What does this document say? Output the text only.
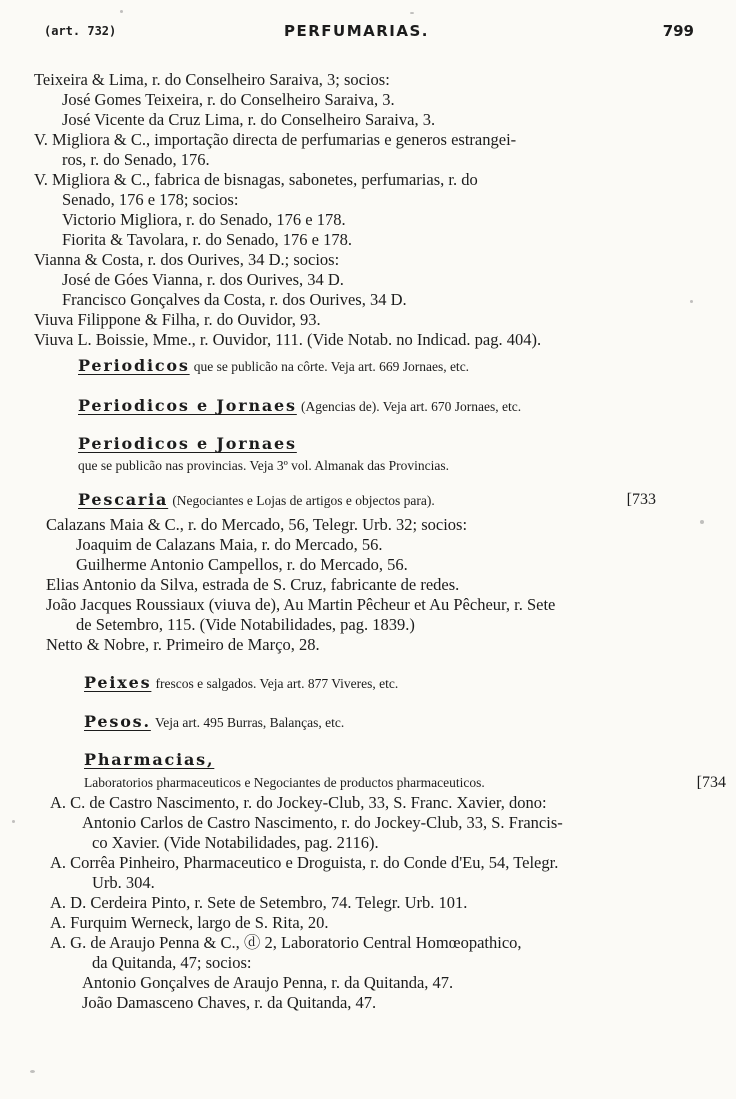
(art. 732)	PERFUMARIAS.	799
Teixeira & Lima, r. do Conselheiro Saraiva, 3; socios:
José Gomes Teixeira, r. do Conselheiro Saraiva, 3.
José Vicente da Cruz Lima, r. do Conselheiro Saraiva, 3.
V. Migliora & C., importação directa de perfumarias e generos estrangei-
ros, r. do Senado, 176.
V. Migliora & C., fabrica de bisnagas, sabonetes, perfumarias, r. do
Senado, 176 e 178; socios:
Victorio Migliora, r. do Senado, 176 e 178.
Fiorita & Tavolara, r. do Senado, 176 e 178.
Vianna & Costa, r. dos Ourives, 34 D.; socios:
José de Góes Vianna, r. dos Ourives, 34 D.
Francisco Gonçalves da Costa, r. dos Ourives, 34 D.
Viuva Filippone & Filha, r. do Ouvidor, 93.
Viuva L. Boissie, Mme., r. Ouvidor, 111. (Vide Notab. no Indicad. pag. 404).
Periodicos que se publicão na côrte. Veja art. 669 Jornaes, etc.
Periodicos e Jornaes (Agencias de). Veja art. 670 Jornaes, etc.
Periodicos e Jornaes
que se publicão nas provincias. Veja 3º vol. Almanak das Provincias.
Pescaria (Negociantes e Lojas de artigos e objectos para).	[733
Calazans Maia & C., r. do Mercado, 56, Telegr. Urb. 32; socios:
Joaquim de Calazans Maia, r. do Mercado, 56.
Guilherme Antonio Campellos, r. do Mercado, 56.
Elias Antonio da Silva, estrada de S. Cruz, fabricante de redes.
João Jacques Roussiaux (viuva de), Au Martin Pêcheur et Au Pêcheur, r. Sete
de Setembro, 115. (Vide Notabilidades, pag. 1839.)
Netto & Nobre, r. Primeiro de Março, 28.
Peixes frescos e salgados. Veja art. 877 Viveres, etc.
Pesos. Veja art. 495 Burras, Balanças, etc.
Pharmacias,
Laboratorios pharmaceuticos e Negociantes de productos pharmaceuticos.	[734
A. C. de Castro Nascimento, r. do Jockey-Club, 33, S. Franc. Xavier, dono:
Antonio Carlos de Castro Nascimento, r. do Jockey-Club, 33, S. Francis-
co Xavier. (Vide Notabilidades, pag. 2116).
A. Corrêa Pinheiro, Pharmaceutico e Droguista, r. do Conde d'Eu, 54, Telegr.
Urb. 304.
A. D. Cerdeira Pinto, r. Sete de Setembro, 74. Telegr. Urb. 101.
A. Furquim Werneck, largo de S. Rita, 20.
A. G. de Araujo Penna & C., ⓓ 2, Laboratorio Central Homœopathico,
da Quitanda, 47; socios:
Antonio Gonçalves de Araujo Penna, r. da Quitanda, 47.
João Damasceno Chaves, r. da Quitanda, 47.
